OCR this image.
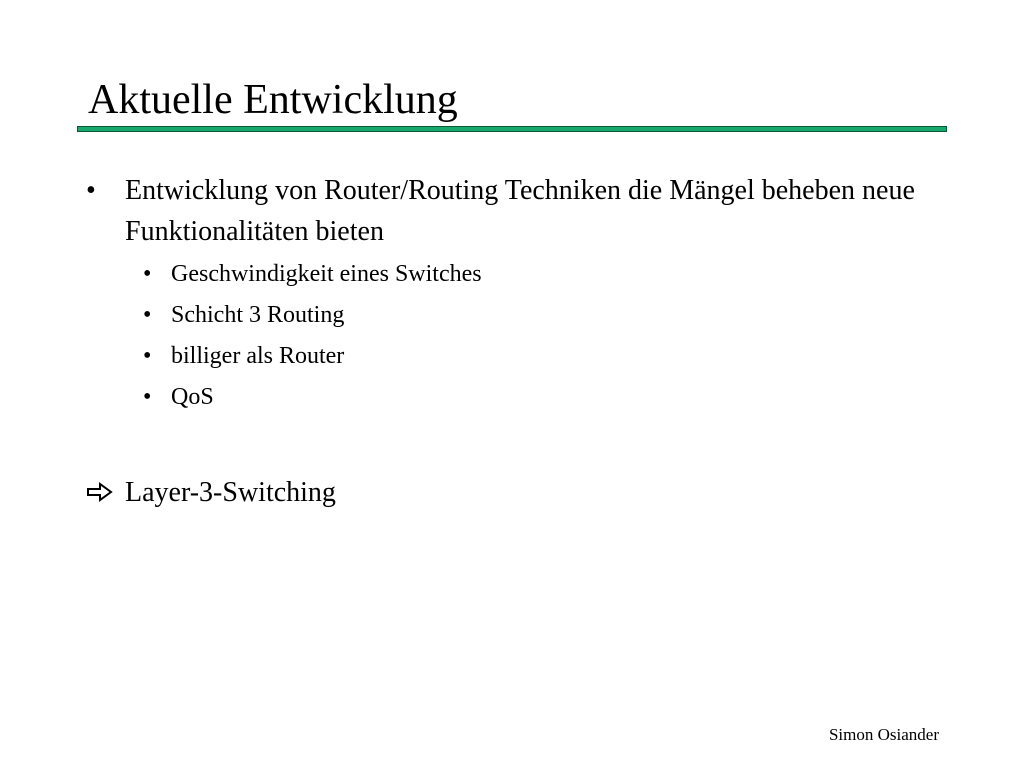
Aktuelle Entwicklung
• Entwicklung von Router/Routing Techniken die Mängel beheben neue Funktionalitäten bieten
• Geschwindigkeit eines Switches
• Schicht 3 Routing
• billiger als Router
• QoS
Layer-3-Switching
Simon Osiander
